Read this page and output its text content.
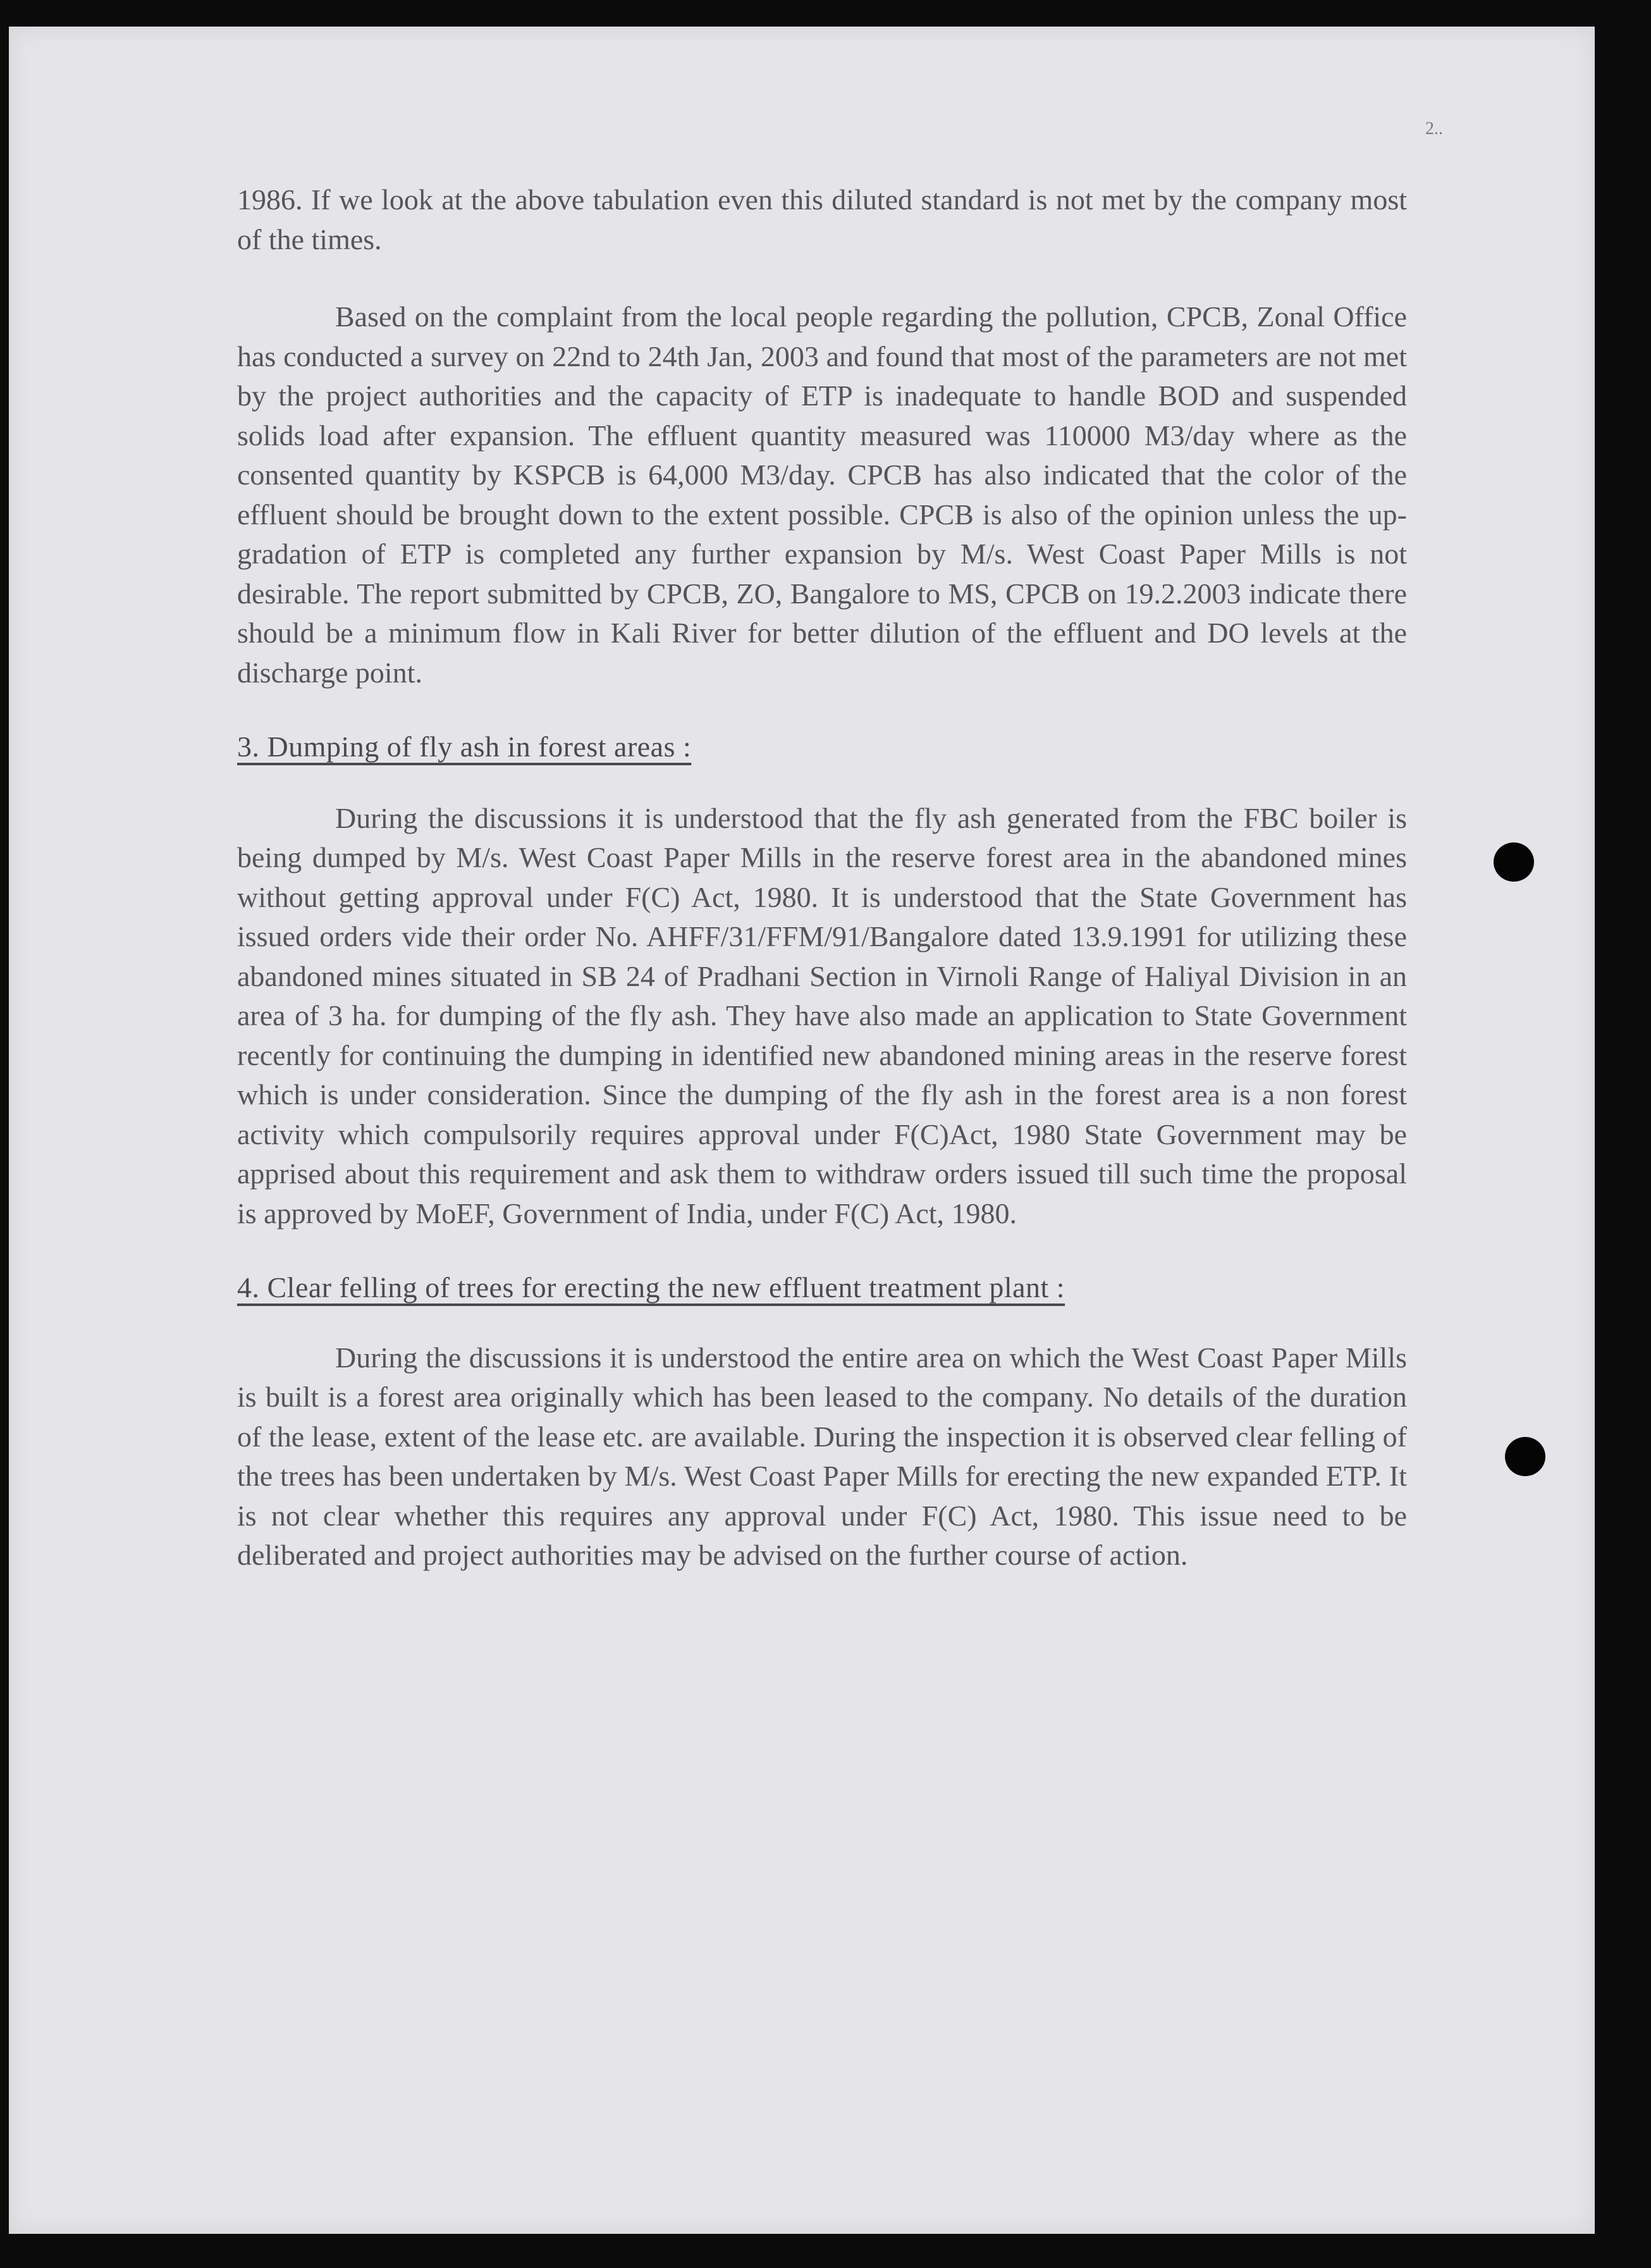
2..

1986. If we look at the above tabulation even this diluted standard is not met by the company most of the times.

Based on the complaint from the local people regarding the pollution, CPCB, Zonal Office has conducted a survey on 22nd to 24th Jan, 2003 and found that most of the parameters are not met by the project authorities and the capacity of ETP is inadequate to handle BOD and suspended solids load after expansion. The effluent quantity measured was 110000 M3/day where as the consented quantity by KSPCB is 64,000 M3/day. CPCB has also indicated that the color of the effluent should be brought down to the extent possible. CPCB is also of the opinion unless the up-gradation of ETP is completed any further expansion by M/s. West Coast Paper Mills is not desirable. The report submitted by CPCB, ZO, Bangalore to MS, CPCB on 19.2.2003 indicate there should be a minimum flow in Kali River for better dilution of the effluent and DO levels at the discharge point.

3. Dumping of fly ash in forest areas :

During the discussions it is understood that the fly ash generated from the FBC boiler is being dumped by M/s. West Coast Paper Mills in the reserve forest area in the abandoned mines without getting approval under F(C) Act, 1980. It is understood that the State Government has issued orders vide their order No. AHFF/31/FFM/91/Bangalore dated 13.9.1991 for utilizing these abandoned mines situated in SB 24 of Pradhani Section in Virnoli Range of Haliyal Division in an area of 3 ha. for dumping of the fly ash. They have also made an application to State Government recently for continuing the dumping in identified new abandoned mining areas in the reserve forest which is under consideration. Since the dumping of the fly ash in the forest area is a non forest activity which compulsorily requires approval under F(C)Act, 1980 State Government may be apprised about this requirement and ask them to withdraw orders issued till such time the proposal is approved by MoEF, Government of India, under F(C) Act, 1980.

4. Clear felling of trees for erecting the new effluent treatment plant :

During the discussions it is understood the entire area on which the West Coast Paper Mills is built is a forest area originally which has been leased to the company. No details of the duration of the lease, extent of the lease etc. are available. During the inspection it is observed clear felling of the trees has been undertaken by M/s. West Coast Paper Mills for erecting the new expanded ETP. It is not clear whether this requires any approval under F(C) Act, 1980. This issue need to be deliberated and project authorities may be advised on the further course of action.
